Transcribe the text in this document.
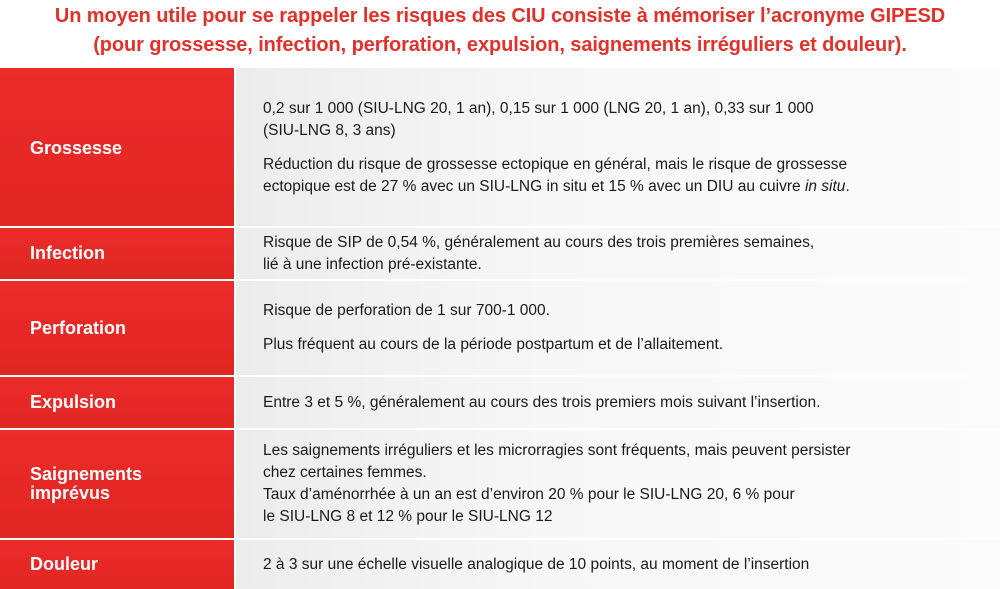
Un moyen utile pour se rappeler les risques des CIU consiste à mémoriser l’acronyme GIPESD
(pour grossesse, infection, perforation, expulsion, saignements irréguliers et douleur).
Grossesse

0,2 sur 1 000 (SIU-LNG 20, 1 an), 0,15 sur 1 000 (LNG 20, 1 an), 0,33 sur 1 000

(SIU-LNG 8, 3 ans)

Réduction du risque de grossesse ectopique en général, mais le risque de grossesse

ectopique est de 27 % avec un SIU-LNG in situ et 15 % avec un DIU au cuivre in situ.

Infection

Risque de SIP de 0,54 %, généralement au cours des trois premières semaines,

lié à une infection pré-existante.

Perforation

Risque de perforation de 1 sur 700-1 000.

Plus fréquent au cours de la période postpartum et de l’allaitement.

Expulsion	Entre 3 et 5 %, généralement au cours des trois premiers mois suivant l’insertion.

Saignements
imprévus

Les saignements irréguliers et les microrragies sont fréquents, mais peuvent persister

chez certaines femmes.

Taux d’aménorrhée à un an est d’environ 20 % pour le SIU-LNG 20, 6 % pour

le SIU-LNG 8 et 12 % pour le SIU-LNG 12

Douleur	2 à 3 sur une échelle visuelle analogique de 10 points, au moment de l’insertion
